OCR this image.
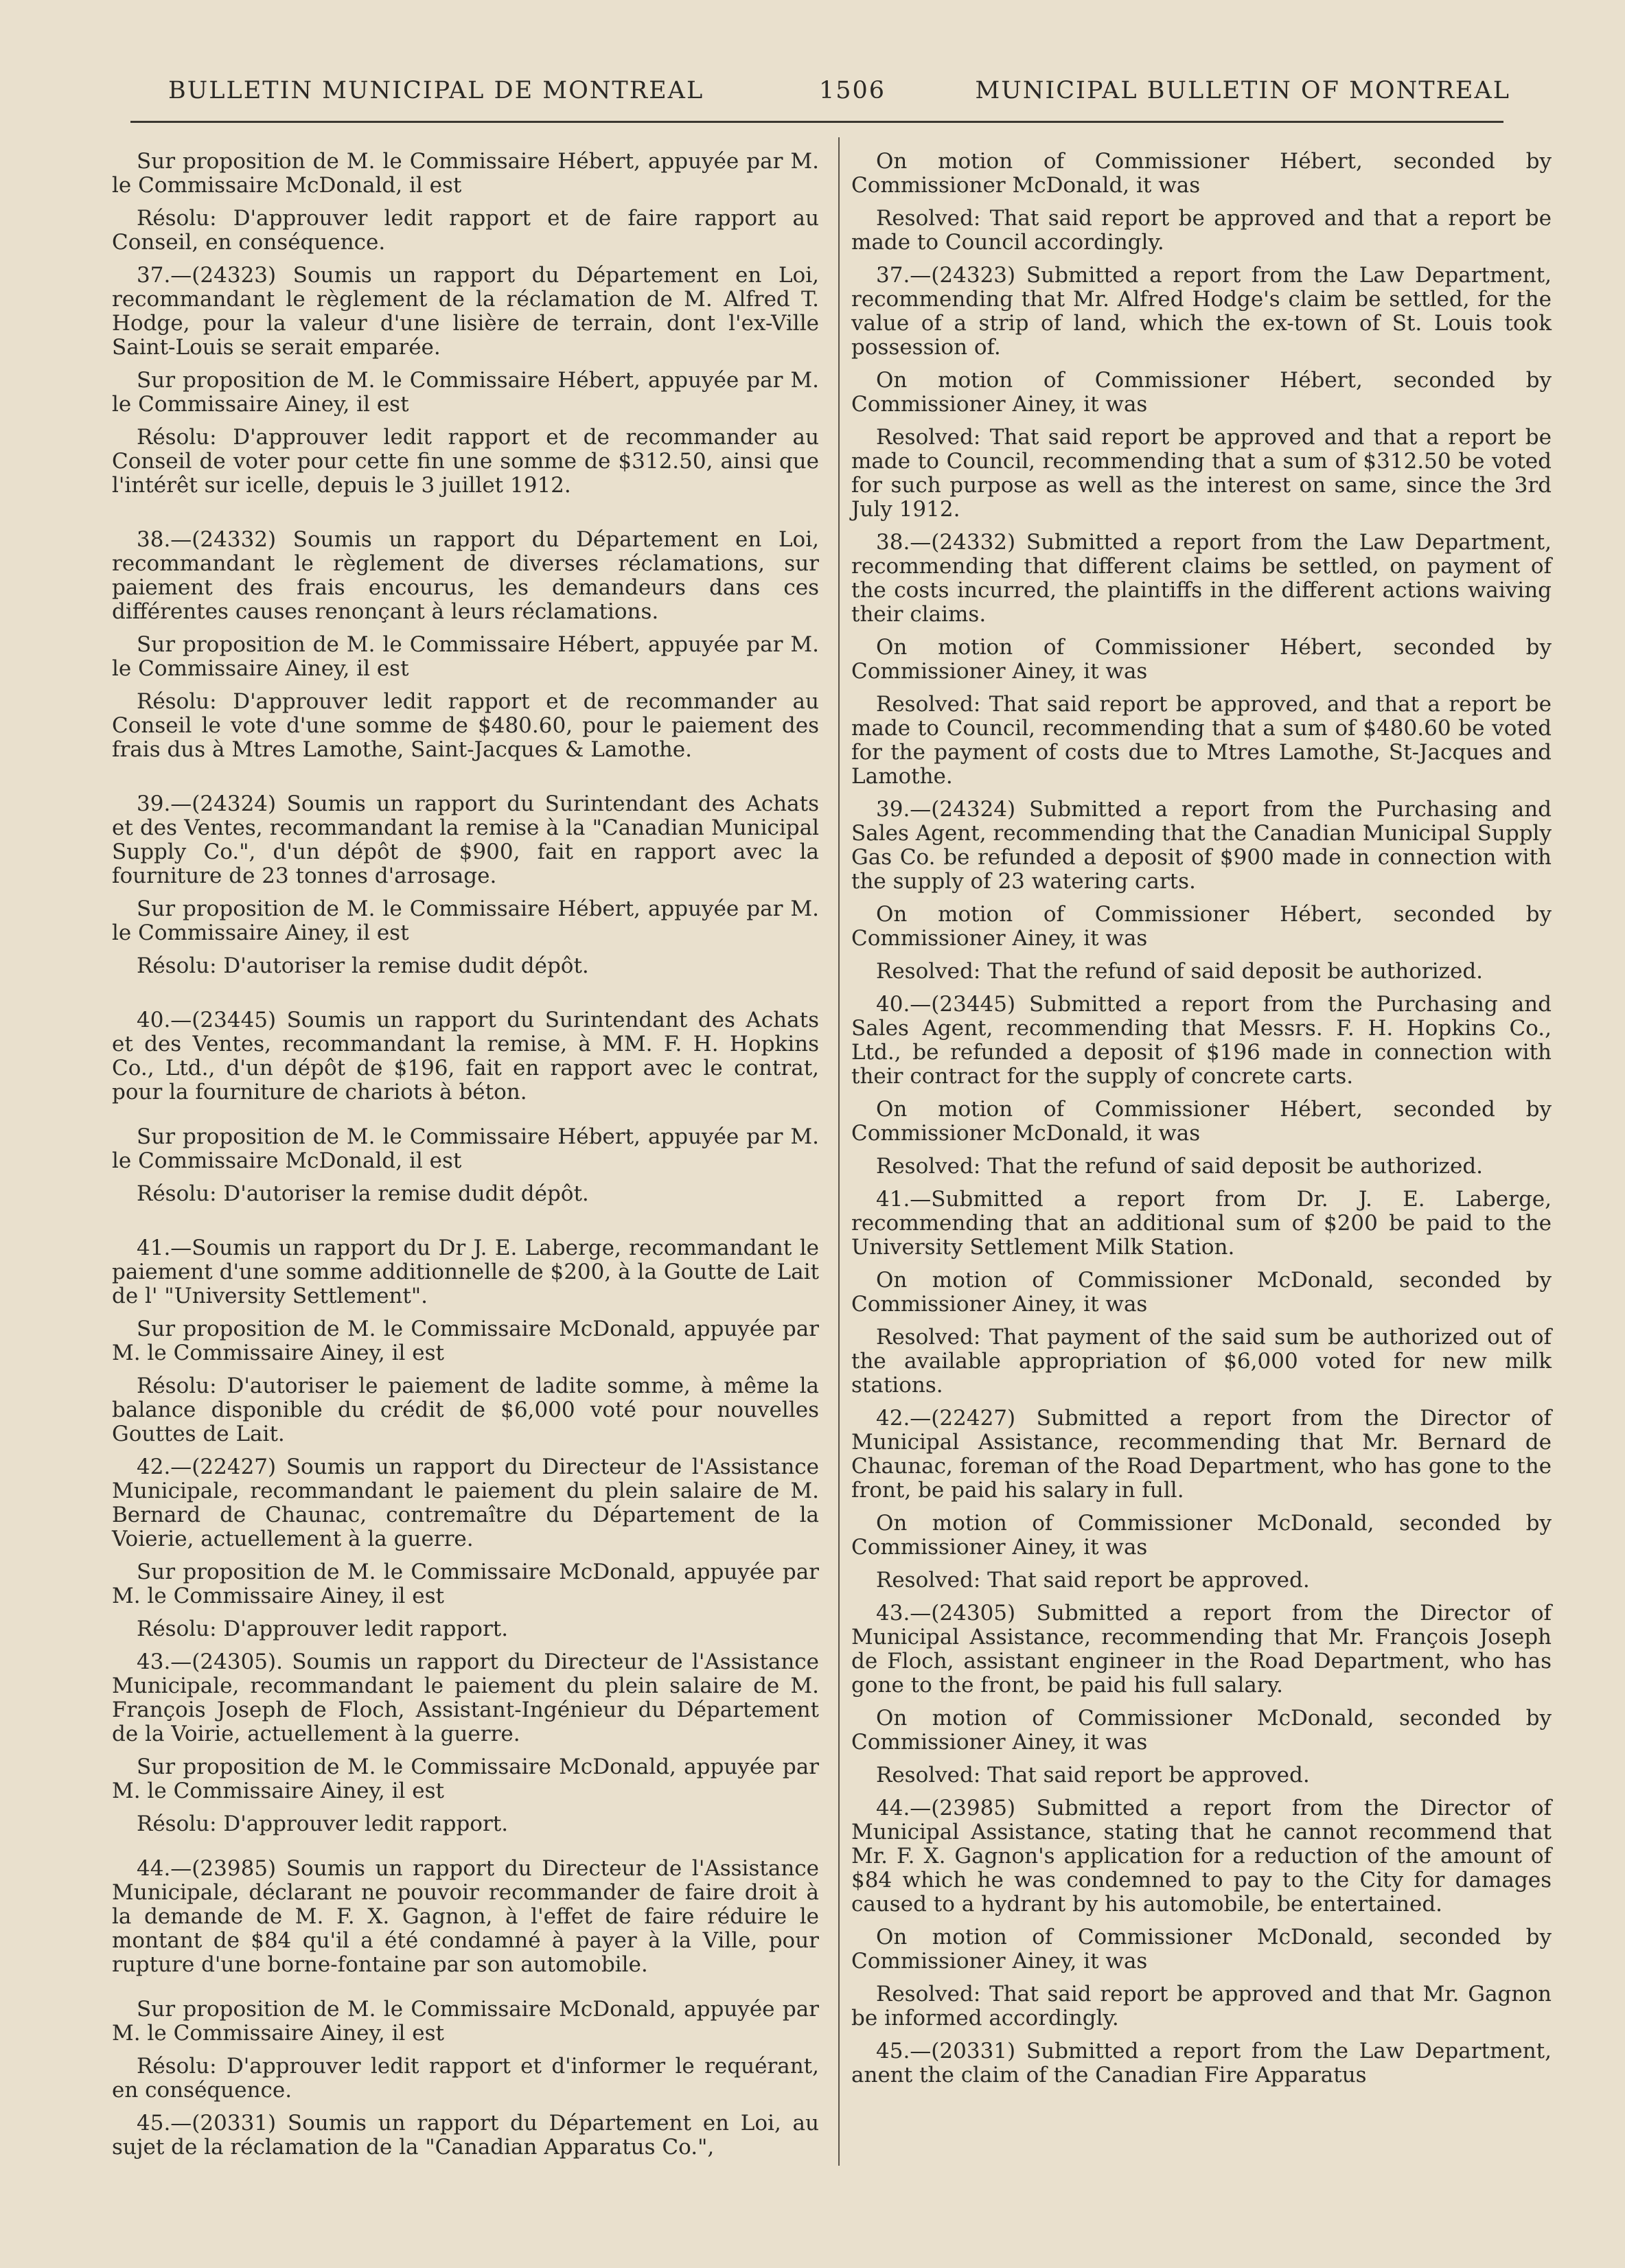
BULLETIN MUNICIPAL DE MONTREAL	1506	MUNICIPAL BULLETIN OF MONTREAL

Sur proposition de M. le Commissaire Hébert, appuyée par M. le Commissaire McDonald, il est

Résolu: D'approuver ledit rapport et de faire rapport au Conseil, en conséquence.

37.—(24323) Soumis un rapport du Département en Loi, recommandant le règlement de la réclamation de M. Alfred T. Hodge, pour la valeur d'une lisière de terrain, dont l'ex-Ville Saint-Louis se serait emparée.

Sur proposition de M. le Commissaire Hébert, appuyée par M. le Commissaire Ainey, il est

Résolu: D'approuver ledit rapport et de recommander au Conseil de voter pour cette fin une somme de $312.50, ainsi que l'intérêt sur icelle, depuis le 3 juillet 1912.

38.—(24332) Soumis un rapport du Département en Loi, recommandant le règlement de diverses réclamations, sur paiement des frais encourus, les demandeurs dans ces différentes causes renonçant à leurs réclamations.

Sur proposition de M. le Commissaire Hébert, appuyée par M. le Commissaire Ainey, il est

Résolu: D'approuver ledit rapport et de recommander au Conseil le vote d'une somme de $480.60, pour le paiement des frais dus à Mtres Lamothe, Saint-Jacques & Lamothe.

39.—(24324) Soumis un rapport du Surintendant des Achats et des Ventes, recommandant la remise à la "Canadian Municipal Supply Co.", d'un dépôt de $900, fait en rapport avec la fourniture de 23 tonnes d'arrosage.

Sur proposition de M. le Commissaire Hébert, appuyée par M. le Commissaire Ainey, il est

Résolu: D'autoriser la remise dudit dépôt.

40.—(23445) Soumis un rapport du Surintendant des Achats et des Ventes, recommandant la remise, à MM. F. H. Hopkins Co., Ltd., d'un dépôt de $196, fait en rapport avec le contrat, pour la fourniture de chariots à béton.

Sur proposition de M. le Commissaire Hébert, appuyée par M. le Commissaire McDonald, il est

Résolu: D'autoriser la remise dudit dépôt.

41.—Soumis un rapport du Dr J. E. Laberge, recommandant le paiement d'une somme additionnelle de $200, à la Goutte de Lait de l' "University Settlement".

Sur proposition de M. le Commissaire McDonald, appuyée par M. le Commissaire Ainey, il est

Résolu: D'autoriser le paiement de ladite somme, à même la balance disponible du crédit de $6,000 voté pour nouvelles Gouttes de Lait.

42.—(22427) Soumis un rapport du Directeur de l'Assistance Municipale, recommandant le paiement du plein salaire de M. Bernard de Chaunac, contremaître du Département de la Voierie, actuellement à la guerre.

Sur proposition de M. le Commissaire McDonald, appuyée par M. le Commissaire Ainey, il est

Résolu: D'approuver ledit rapport.

43.—(24305). Soumis un rapport du Directeur de l'Assistance Municipale, recommandant le paiement du plein salaire de M. François Joseph de Floch, Assistant-Ingénieur du Département de la Voirie, actuellement à la guerre.

Sur proposition de M. le Commissaire McDonald, appuyée par M. le Commissaire Ainey, il est

Résolu: D'approuver ledit rapport.

44.—(23985) Soumis un rapport du Directeur de l'Assistance Municipale, déclarant ne pouvoir recommander de faire droit à la demande de M. F. X. Gagnon, à l'effet de faire réduire le montant de $84 qu'il a été condamné à payer à la Ville, pour rupture d'une borne-fontaine par son automobile.

Sur proposition de M. le Commissaire McDonald, appuyée par M. le Commissaire Ainey, il est

Résolu: D'approuver ledit rapport et d'informer le requérant, en conséquence.

45.—(20331) Soumis un rapport du Département en Loi, au sujet de la réclamation de la "Canadian Apparatus Co.",

On motion of Commissioner Hébert, seconded by Commissioner McDonald, it was

Resolved: That said report be approved and that a report be made to Council accordingly.

37.—(24323) Submitted a report from the Law Department, recommending that Mr. Alfred Hodge's claim be settled, for the value of a strip of land, which the ex-town of St. Louis took possession of.

On motion of Commissioner Hébert, seconded by Commissioner Ainey, it was

Resolved: That said report be approved and that a report be made to Council, recommending that a sum of $312.50 be voted for such purpose as well as the interest on same, since the 3rd July 1912.

38.—(24332) Submitted a report from the Law Department, recommending that different claims be settled, on payment of the costs incurred, the plaintiffs in the different actions waiving their claims.

On motion of Commissioner Hébert, seconded by Commissioner Ainey, it was

Resolved: That said report be approved, and that a report be made to Council, recommending that a sum of $480.60 be voted for the payment of costs due to Mtres Lamothe, St-Jacques and Lamothe.

39.—(24324) Submitted a report from the Purchasing and Sales Agent, recommending that the Canadian Municipal Supply Gas Co. be refunded a deposit of $900 made in connection with the supply of 23 watering carts.

On motion of Commissioner Hébert, seconded by Commissioner Ainey, it was

Resolved: That the refund of said deposit be authorized.

40.—(23445) Submitted a report from the Purchasing and Sales Agent, recommending that Messrs. F. H. Hopkins Co., Ltd., be refunded a deposit of $196 made in connection with their contract for the supply of concrete carts.

On motion of Commissioner Hébert, seconded by Commissioner McDonald, it was

Resolved: That the refund of said deposit be authorized.

41.—Submitted a report from Dr. J. E. Laberge, recommending that an additional sum of $200 be paid to the University Settlement Milk Station.

On motion of Commissioner McDonald, seconded by Commissioner Ainey, it was

Resolved: That payment of the said sum be authorized out of the available appropriation of $6,000 voted for new milk stations.

42.—(22427) Submitted a report from the Director of Municipal Assistance, recommending that Mr. Bernard de Chaunac, foreman of the Road Department, who has gone to the front, be paid his salary in full.

On motion of Commissioner McDonald, seconded by Commissioner Ainey, it was

Resolved: That said report be approved.

43.—(24305) Submitted a report from the Director of Municipal Assistance, recommending that Mr. François Joseph de Floch, assistant engineer in the Road Department, who has gone to the front, be paid his full salary.

On motion of Commissioner McDonald, seconded by Commissioner Ainey, it was

Resolved: That said report be approved.

44.—(23985) Submitted a report from the Director of Municipal Assistance, stating that he cannot recommend that Mr. F. X. Gagnon's application for a reduction of the amount of $84 which he was condemned to pay to the City for damages caused to a hydrant by his automobile, be entertained.

On motion of Commissioner McDonald, seconded by Commissioner Ainey, it was

Resolved: That said report be approved and that Mr. Gagnon be informed accordingly.

45.—(20331) Submitted a report from the Law Department, anent the claim of the Canadian Fire Apparatus
